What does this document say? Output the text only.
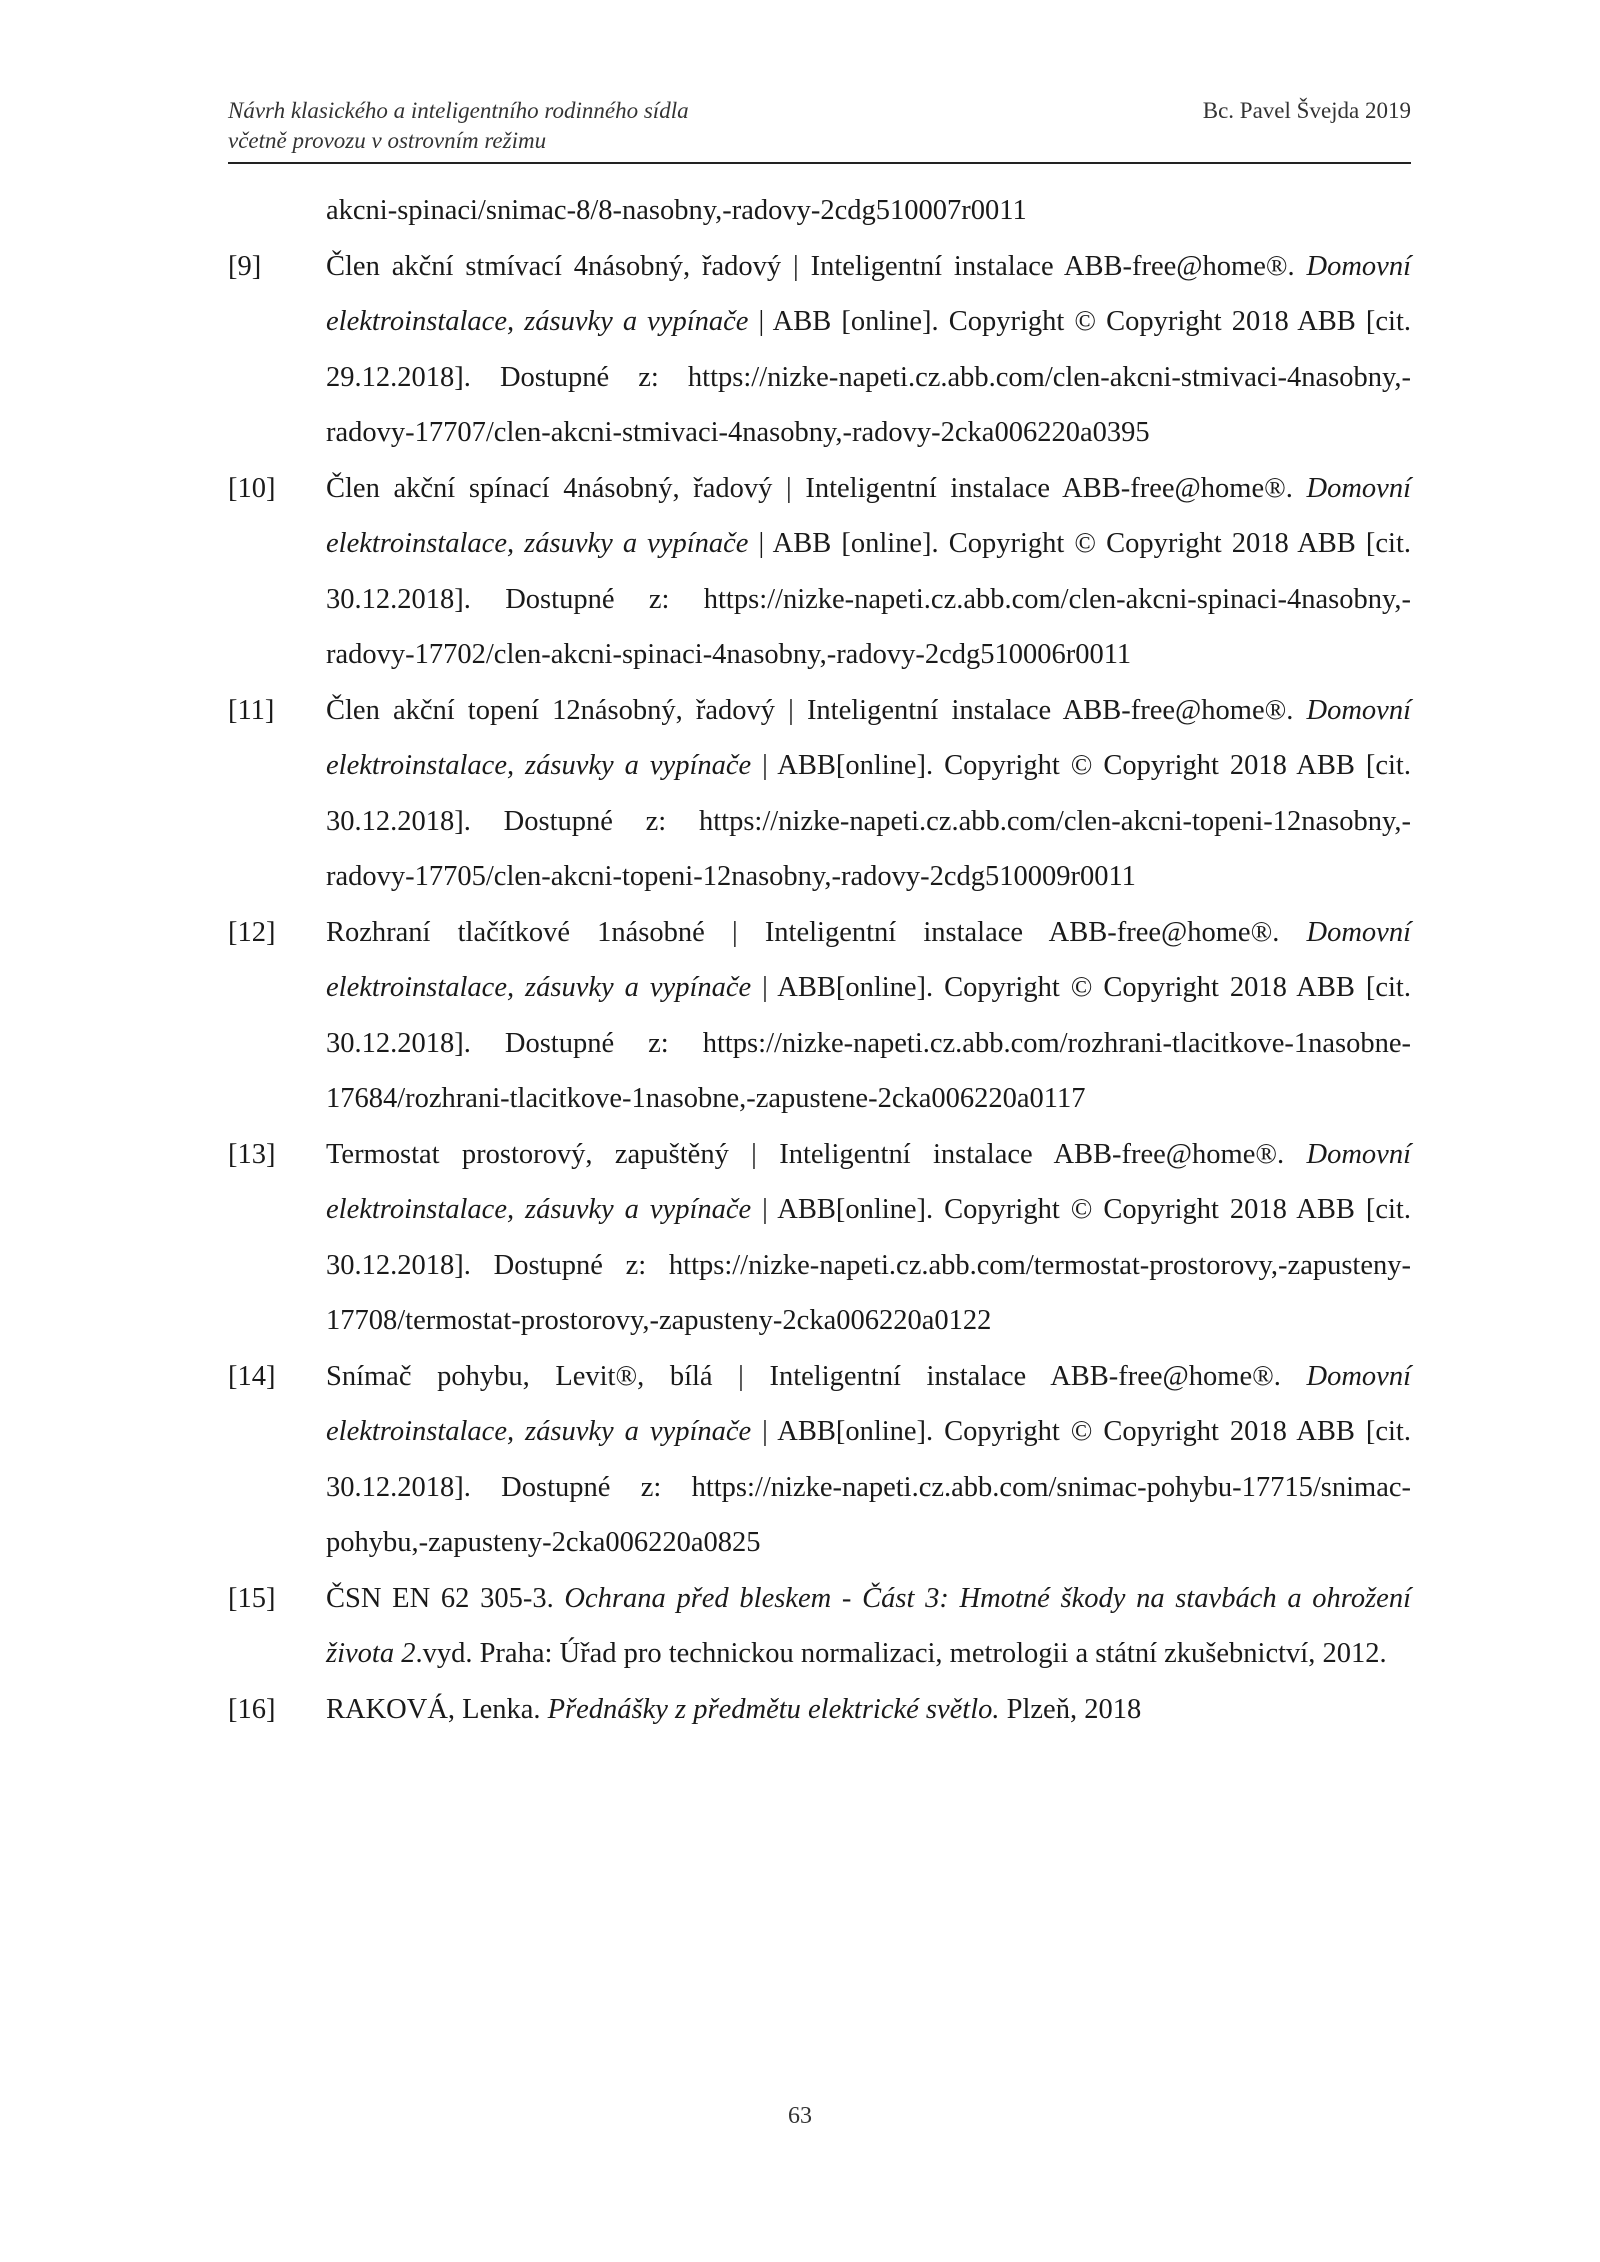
Návrh klasického a inteligentního rodinného sídla
včetně provozu v ostrovním režimu
Bc. Pavel Švejda 2019
akcni-spinaci/snimac-8/8-nasobny,-radovy-2cdg510007r0011
[9]	Člen akční stmívací 4násobný, řadový | Inteligentní instalace ABB-free@home®. Domovní elektroinstalace, zásuvky a vypínače | ABB [online]. Copyright © Copyright 2018 ABB [cit. 29.12.2018]. Dostupné z: https://nizke-napeti.cz.abb.com/clen-akcni-stmivaci-4nasobny,-radovy-17707/clen-akcni-stmivaci-4nasobny,-radovy-2cka006220a0395
[10]	Člen akční spínací 4násobný, řadový | Inteligentní instalace ABB-free@home®. Domovní elektroinstalace, zásuvky a vypínače | ABB [online]. Copyright © Copyright 2018 ABB [cit. 30.12.2018]. Dostupné z: https://nizke-napeti.cz.abb.com/clen-akcni-spinaci-4nasobny,-radovy-17702/clen-akcni-spinaci-4nasobny,-radovy-2cdg510006r0011
[11]	Člen akční topení 12násobný, řadový | Inteligentní instalace ABB-free@home®. Domovní elektroinstalace, zásuvky a vypínače | ABB[online]. Copyright © Copyright 2018 ABB [cit. 30.12.2018]. Dostupné z: https://nizke-napeti.cz.abb.com/clen-akcni-topeni-12nasobny,-radovy-17705/clen-akcni-topeni-12nasobny,-radovy-2cdg510009r0011
[12]	Rozhraní tlačítkové 1násobné | Inteligentní instalace ABB-free@home®. Domovní elektroinstalace, zásuvky a vypínače | ABB[online]. Copyright © Copyright 2018 ABB [cit. 30.12.2018]. Dostupné z: https://nizke-napeti.cz.abb.com/rozhrani-tlacitkove-1nasobne-17684/rozhrani-tlacitkove-1nasobne,-zapustene-2cka006220a0117
[13]	Termostat prostorový, zapuštěný | Inteligentní instalace ABB-free@home®. Domovní elektroinstalace, zásuvky a vypínače | ABB[online]. Copyright © Copyright 2018 ABB [cit. 30.12.2018]. Dostupné z: https://nizke-napeti.cz.abb.com/termostat-prostorovy,-zapusteny-17708/termostat-prostorovy,-zapusteny-2cka006220a0122
[14]	Snímač pohybu, Levit®, bílá | Inteligentní instalace ABB-free@home®. Domovní elektroinstalace, zásuvky a vypínače | ABB[online]. Copyright © Copyright 2018 ABB [cit. 30.12.2018]. Dostupné z: https://nizke-napeti.cz.abb.com/snimac-pohybu-17715/snimac-pohybu,-zapusteny-2cka006220a0825
[15]	ČSN EN 62 305-3. Ochrana před bleskem - Část 3: Hmotné škody na stavbách a ohrožení života 2.vyd. Praha: Úřad pro technickou normalizaci, metrologii a státní zkušebnictví, 2012.
[16]	RAKOVÁ, Lenka. Přednášky z předmětu elektrické světlo. Plzeň, 2018
63
